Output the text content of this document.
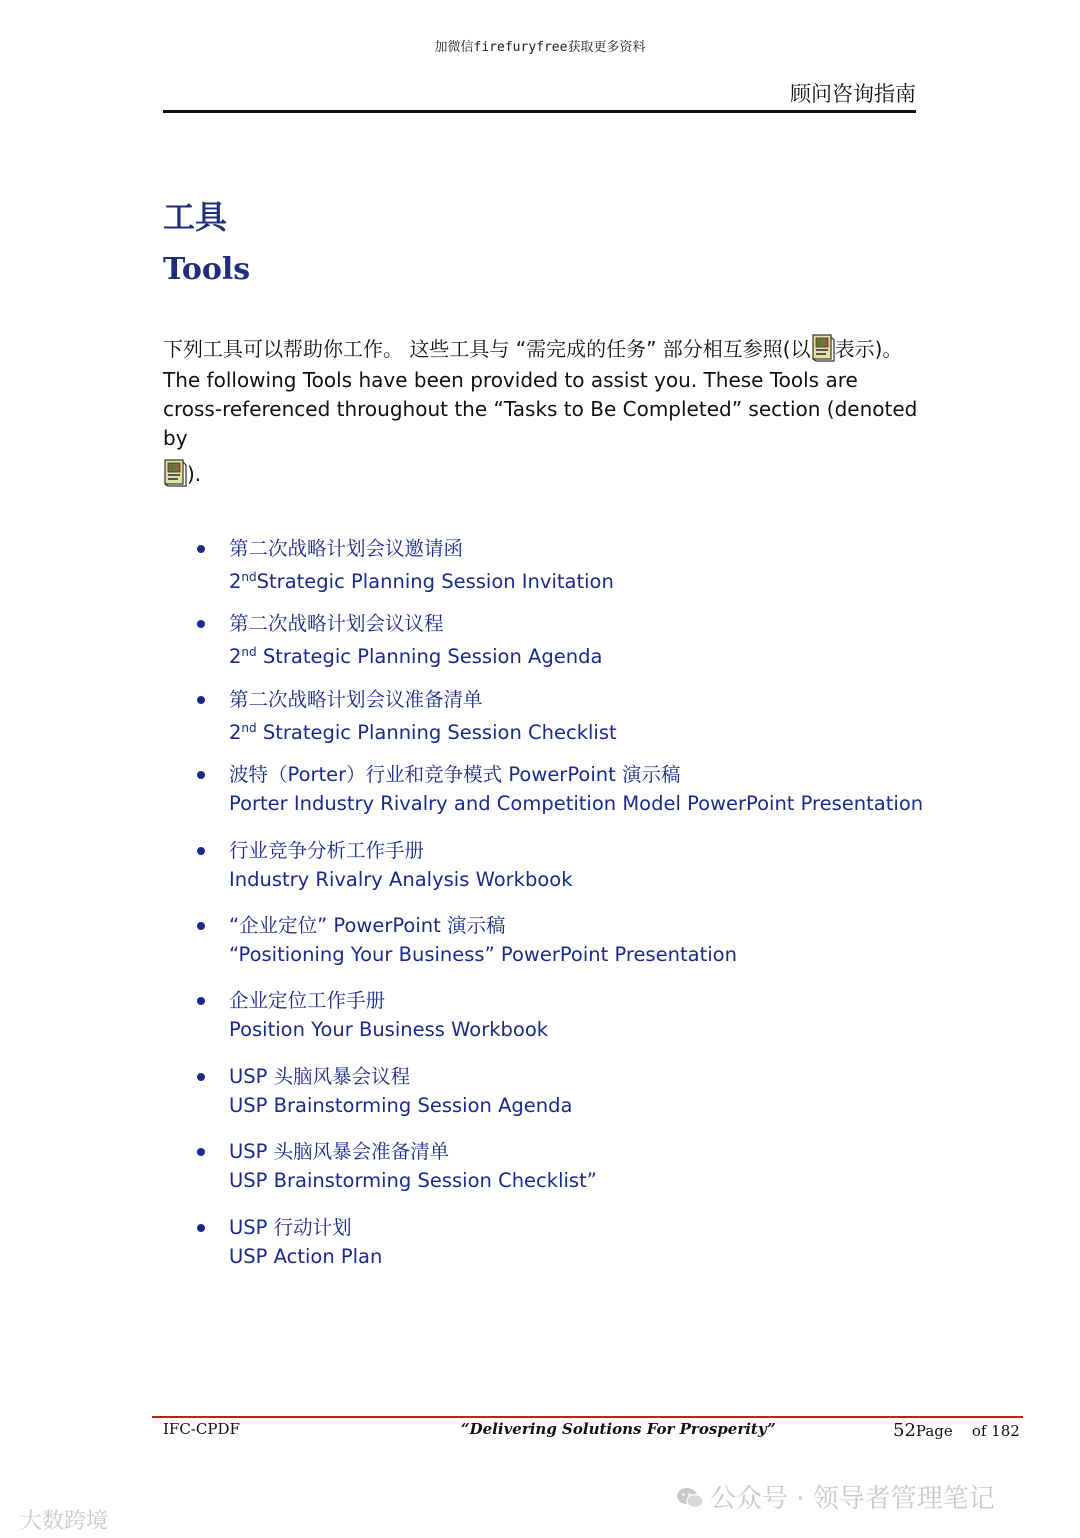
加微信firefuryfree获取更多资料
顾问咨询指南
工具
Tools
下列工具可以帮助你工作。 这些工具与 “需完成的任务” 部分相互参照(以 表示)。
The following Tools have been provided to assist you. These Tools are cross-referenced throughout the “Tasks to Be Completed” section (denoted by

).
第二次战略计划会议邀请函
2ndStrategic Planning Session Invitation
第二次战略计划会议议程
2nd Strategic Planning Session Agenda
第二次战略计划会议准备清单
2nd Strategic Planning Session Checklist
波特（Porter）行业和竞争模式 PowerPoint 演示稿
Porter Industry Rivalry and Competition Model PowerPoint Presentation
行业竞争分析工作手册
Industry Rivalry Analysis Workbook
“企业定位” PowerPoint 演示稿
“Positioning Your Business” PowerPoint Presentation
企业定位工作手册
Position Your Business Workbook
USP 头脑风暴会议程
USP Brainstorming Session Agenda
USP 头脑风暴会准备清单
USP Brainstorming Session Checklist”
USP 行动计划
USP Action Plan
IFC-CPDF	“Delivering Solutions For Prosperity”	52Page of 182
公众号 · 领导者管理笔记
大数跨境
